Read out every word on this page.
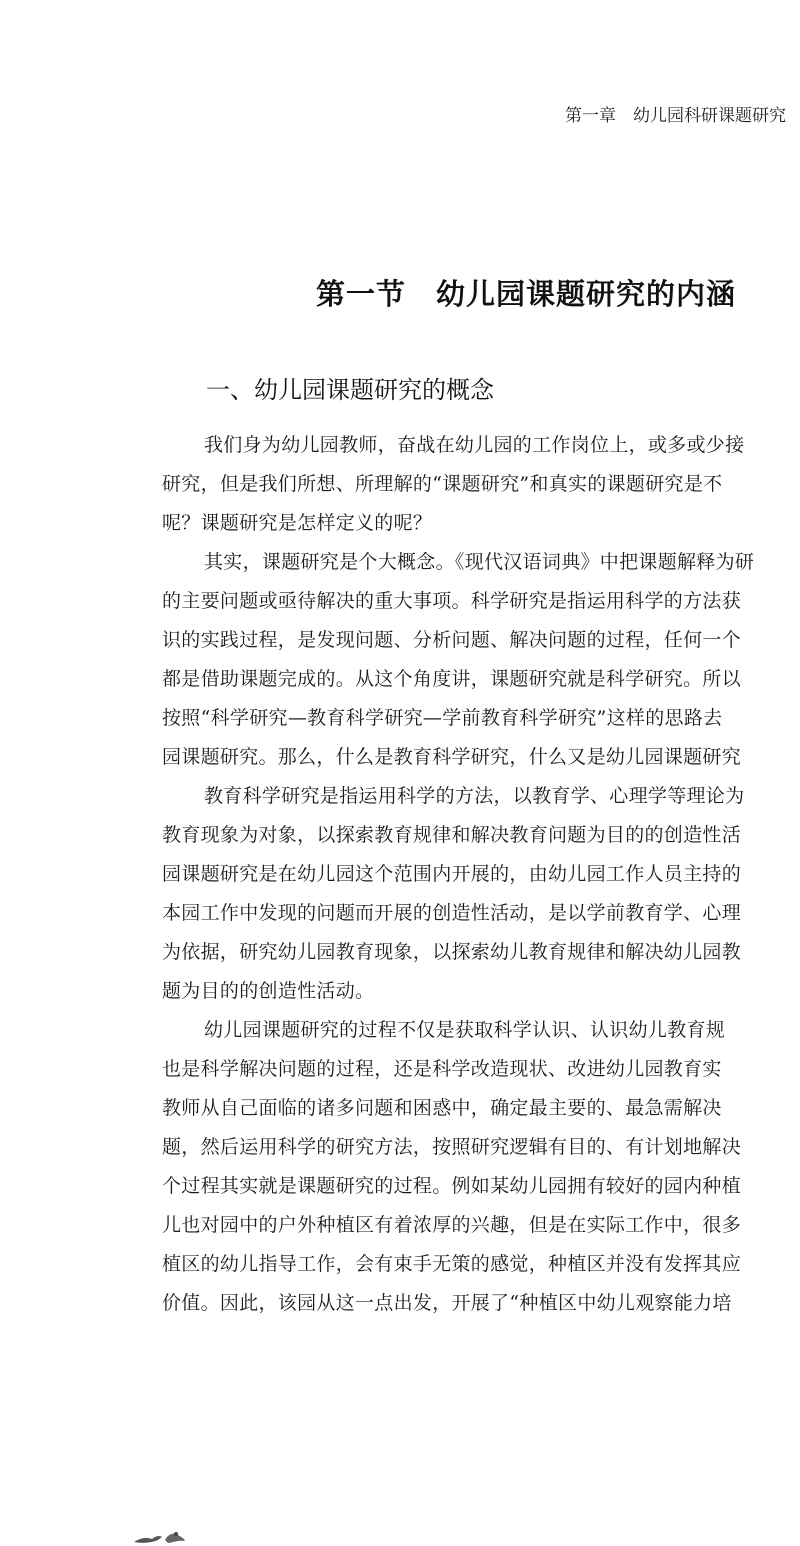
第一章　幼儿园科研课题研究
第一节　幼儿园课题研究的内涵
一、幼儿园课题研究的概念
我们身为幼儿园教师，奋战在幼儿园的工作岗位上，或多或少接
研究，但是我们所想、所理解的“课题研究”和真实的课题研究是不
呢？课题研究是怎样定义的呢？
其实，课题研究是个大概念。《现代汉语词典》中把课题解释为研
的主要问题或亟待解决的重大事项。科学研究是指运用科学的方法获
识的实践过程，是发现问题、分析问题、解决问题的过程，任何一个
都是借助课题完成的。从这个角度讲，课题研究就是科学研究。所以
按照“科学研究—教育科学研究—学前教育科学研究”这样的思路去
园课题研究。那么，什么是教育科学研究，什么又是幼儿园课题研究
教育科学研究是指运用科学的方法，以教育学、心理学等理论为
教育现象为对象，以探索教育规律和解决教育问题为目的的创造性活
园课题研究是在幼儿园这个范围内开展的，由幼儿园工作人员主持的
本园工作中发现的问题而开展的创造性活动，是以学前教育学、心理
为依据，研究幼儿园教育现象，以探索幼儿教育规律和解决幼儿园教
题为目的的创造性活动。
幼儿园课题研究的过程不仅是获取科学认识、认识幼儿教育规
也是科学解决问题的过程，还是科学改造现状、改进幼儿园教育实
教师从自己面临的诸多问题和困惑中，确定最主要的、最急需解决
题，然后运用科学的研究方法，按照研究逻辑有目的、有计划地解决
个过程其实就是课题研究的过程。例如某幼儿园拥有较好的园内种植
儿也对园中的户外种植区有着浓厚的兴趣，但是在实际工作中，很多
植区的幼儿指导工作，会有束手无策的感觉，种植区并没有发挥其应
价值。因此，该园从这一点出发，开展了“种植区中幼儿观察能力培
